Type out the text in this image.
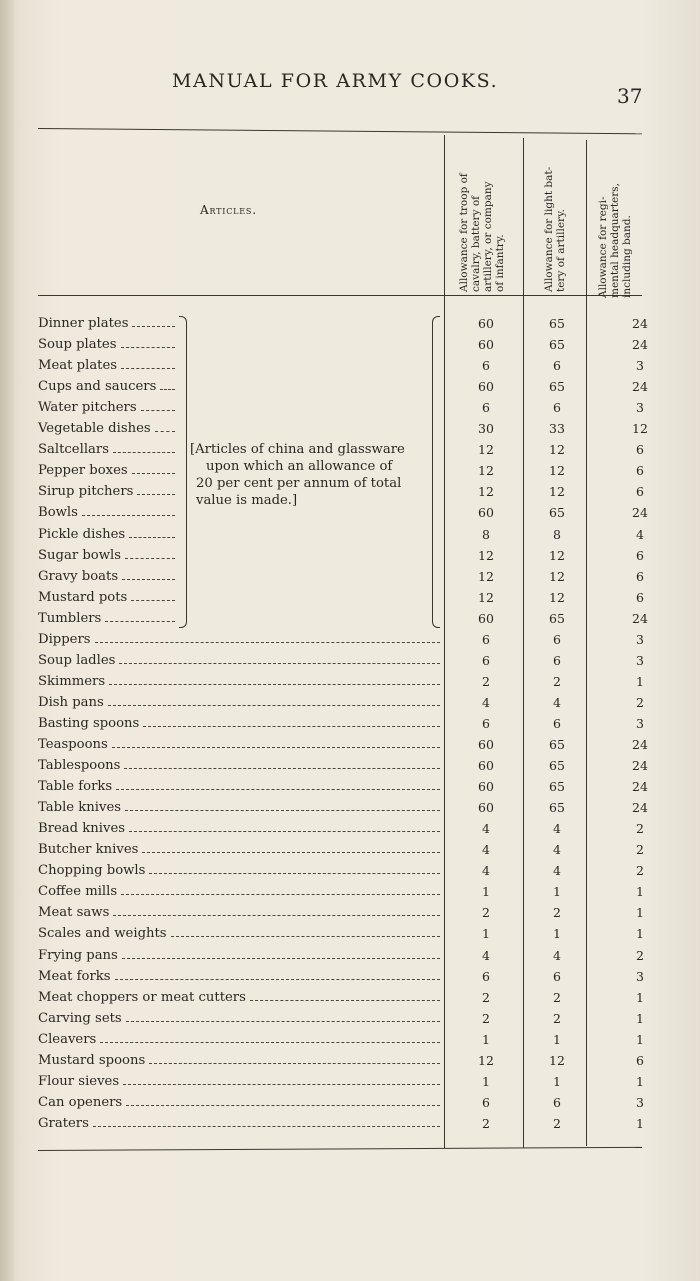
MANUAL FOR ARMY COOKS.
37
Articles.	Allowance for troop of cavalry, battery of artillery, or company of infantry.	Allowance for light bat- tery of artillery.	Allowance for regi- mental headquarters, including band.
[Articles of china and glassware
upon which an allowance of
20 per cent per annum of total
value is made.]
Dinner plates	60	65	24
Soup plates	60	65	24
Meat plates	6	6	3
Cups and saucers	60	65	24
Water pitchers	6	6	3
Vegetable dishes	30	33	12
Saltcellars	12	12	6
Pepper boxes	12	12	6
Sirup pitchers	12	12	6
Bowls	60	65	24
Pickle dishes	8	8	4
Sugar bowls	12	12	6
Gravy boats	12	12	6
Mustard pots	12	12	6
Tumblers	60	65	24
Dippers	6	6	3
Soup ladles	6	6	3
Skimmers	2	2	1
Dish pans	4	4	2
Basting spoons	6	6	3
Teaspoons	60	65	24
Tablespoons	60	65	24
Table forks	60	65	24
Table knives	60	65	24
Bread knives	4	4	2
Butcher knives	4	4	2
Chopping bowls	4	4	2
Coffee mills	1	1	1
Meat saws	2	2	1
Scales and weights	1	1	1
Frying pans	4	4	2
Meat forks	6	6	3
Meat choppers or meat cutters	2	2	1
Carving sets	2	2	1
Cleavers	1	1	1
Mustard spoons	12	12	6
Flour sieves	1	1	1
Can openers	6	6	3
Graters	2	2	1
